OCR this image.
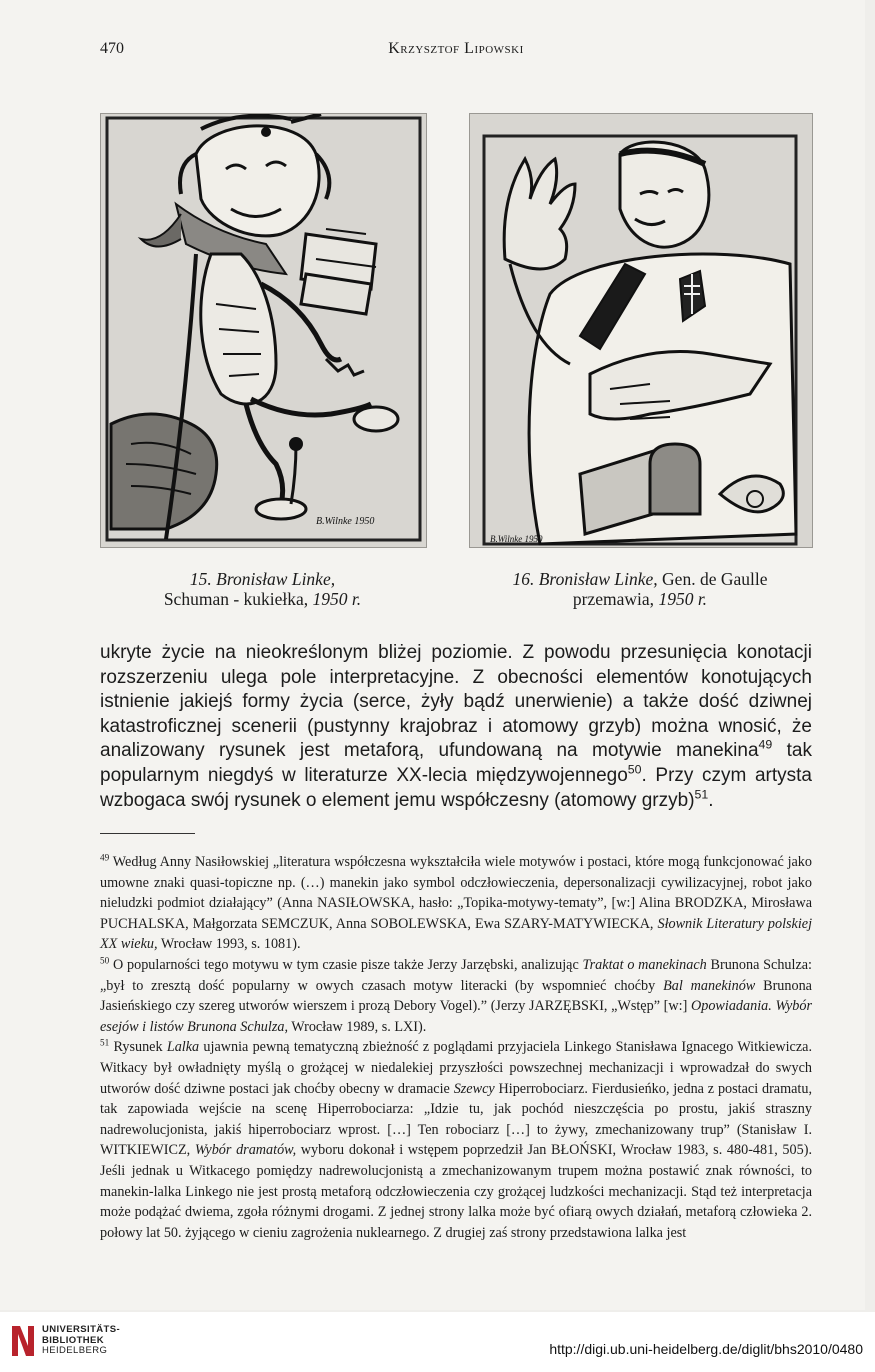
470	Krzysztof Lipowski
B.Wilnke 1950
B.Wilnke 1950
15. Bronisław Linke,
Schuman - kukiełka, 1950 r.
16. Bronisław Linke, Gen. de Gaulle
przemawia, 1950 r.
ukryte życie na nieokreślonym bliżej poziomie. Z powodu przesunięcia konotacji rozszerzeniu ulega pole interpretacyjne. Z obecności elementów konotujących istnienie jakiejś formy życia (serce, żyły bądź unerwienie) a także dość dziwnej katastroficznej scenerii (pustynny krajobraz i atomowy grzyb) można wnosić, że analizowany rysunek jest metaforą, ufundowaną na motywie manekina$^{49}$ tak popularnym niegdyś w literaturze XX-lecia międzywojennego$^{50}$. Przy czym artysta wzbogaca swój rysunek o element jemu współczesny (atomowy grzyb)$^{51}$.

$^{49}$ Według Anny Nasiłowskiej „literatura współczesna wykształciła wiele motywów i postaci, które mogą funkcjonować jako umowne znaki quasi-topiczne np. (…) manekin jako symbol odczłowieczenia, depersonalizacji cywilizacyjnej, robot jako nieludzki podmiot działający” (Anna NASIŁOWSKA, hasło: „Topika-motywy-tematy”, [w:] Alina BRODZKA, Mirosława PUCHALSKA, Małgorzata SEMCZUK, Anna SOBOLEWSKA, Ewa SZARY-MATYWIECKA, Słownik Literatury polskiej XX wieku, Wrocław 1993, s. 1081).

$^{50}$ O popularności tego motywu w tym czasie pisze także Jerzy Jarzębski, analizując Traktat o manekinach Brunona Schulza: „był to zresztą dość popularny w owych czasach motyw literacki (by wspomnieć choćby Bal manekinów Brunona Jasieńskiego czy szereg utworów wierszem i prozą Debory Vogel).” (Jerzy JARZĘBSKI, „Wstęp” [w:] Opowiadania. Wybór esejów i listów Brunona Schulza, Wrocław 1989, s. LXI).

$^{51}$ Rysunek Lalka ujawnia pewną tematyczną zbieżność z poglądami przyjaciela Linkego Stanisława Ignacego Witkiewicza. Witkacy był owładnięty myślą o grożącej w niedalekiej przyszłości powszechnej mechanizacji i wprowadzał do swych utworów dość dziwne postaci jak choćby obecny w dramacie Szewcy Hiperrobociarz. Fierdusieńko, jedna z postaci dramatu, tak zapowiada wejście na scenę Hiperrobociarza: „Idzie tu, jak pochód nieszczęścia po prostu, jakiś straszny nadrewolucjonista, jakiś hiperrobociarz wprost. […] Ten robociarz […] to żywy, zmechanizowany trup” (Stanisław I. WITKIEWICZ, Wybór dramatów, wyboru dokonał i wstępem poprzedził Jan BŁOŃSKI, Wrocław 1983, s. 480-481, 505). Jeśli jednak u Witkacego pomiędzy nadrewolucjonistą a zmechanizowanym trupem można postawić znak równości, to manekin-lalka Linkego nie jest prostą metaforą odczłowieczenia czy grożącej ludzkości mechanizacji. Stąd też interpretacja może podążać dwiema, zgoła różnymi drogami. Z jednej strony lalka może być ofiarą owych działań, metaforą człowieka 2. połowy lat 50. żyjącego w cieniu zagrożenia nuklearnego. Z drugiej zaś strony przedstawiona lalka jest

UNIVERSITÄTS-
BIBLIOTHEK
HEIDELBERG	http://digi.ub.uni-heidelberg.de/diglit/bhs2010/0480
